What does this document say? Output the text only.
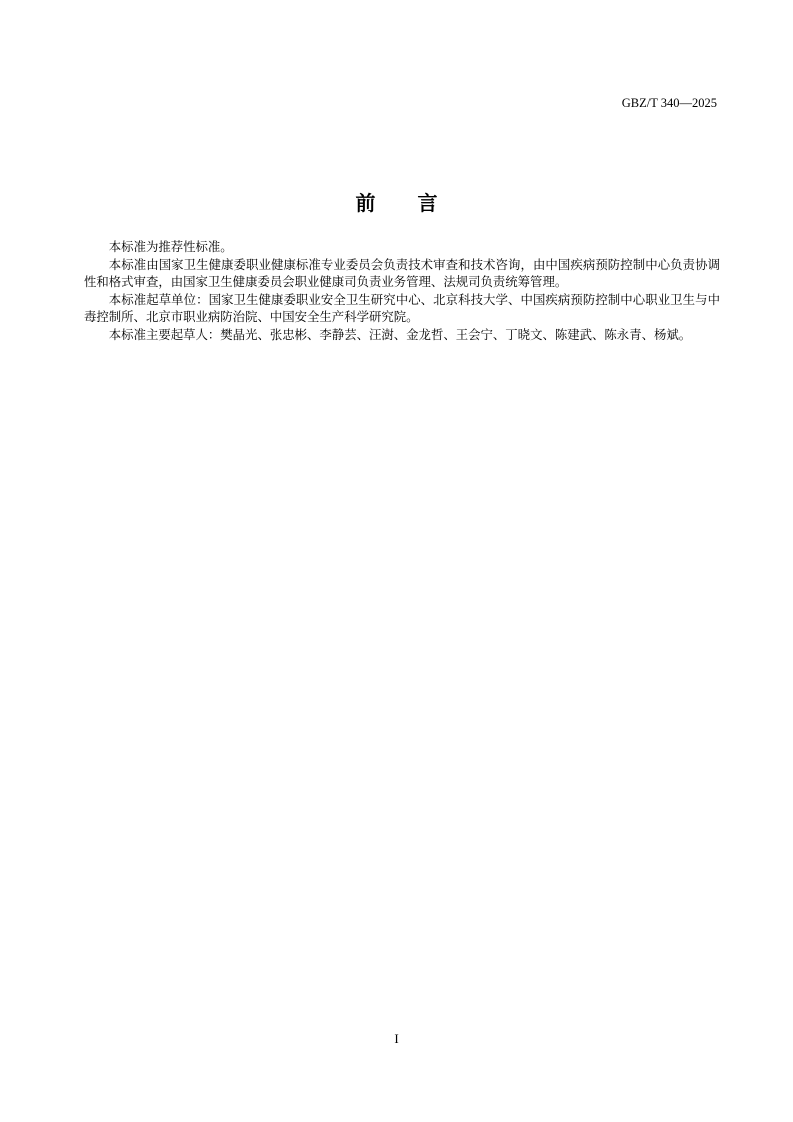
GBZ/T 340—2025
前言

本标准为推荐性标准。

本标准由国家卫生健康委职业健康标准专业委员会负责技术审查和技术咨询，由中国疾病预防控制中心负责协调性和格式审查，由国家卫生健康委员会职业健康司负责业务管理、法规司负责统筹管理。

本标准起草单位：国家卫生健康委职业安全卫生研究中心、北京科技大学、中国疾病预防控制中心职业卫生与中毒控制所、北京市职业病防治院、中国安全生产科学研究院。

本标准主要起草人：樊晶光、张忠彬、李静芸、汪澍、金龙哲、王会宁、丁晓文、陈建武、陈永青、杨斌。

I
